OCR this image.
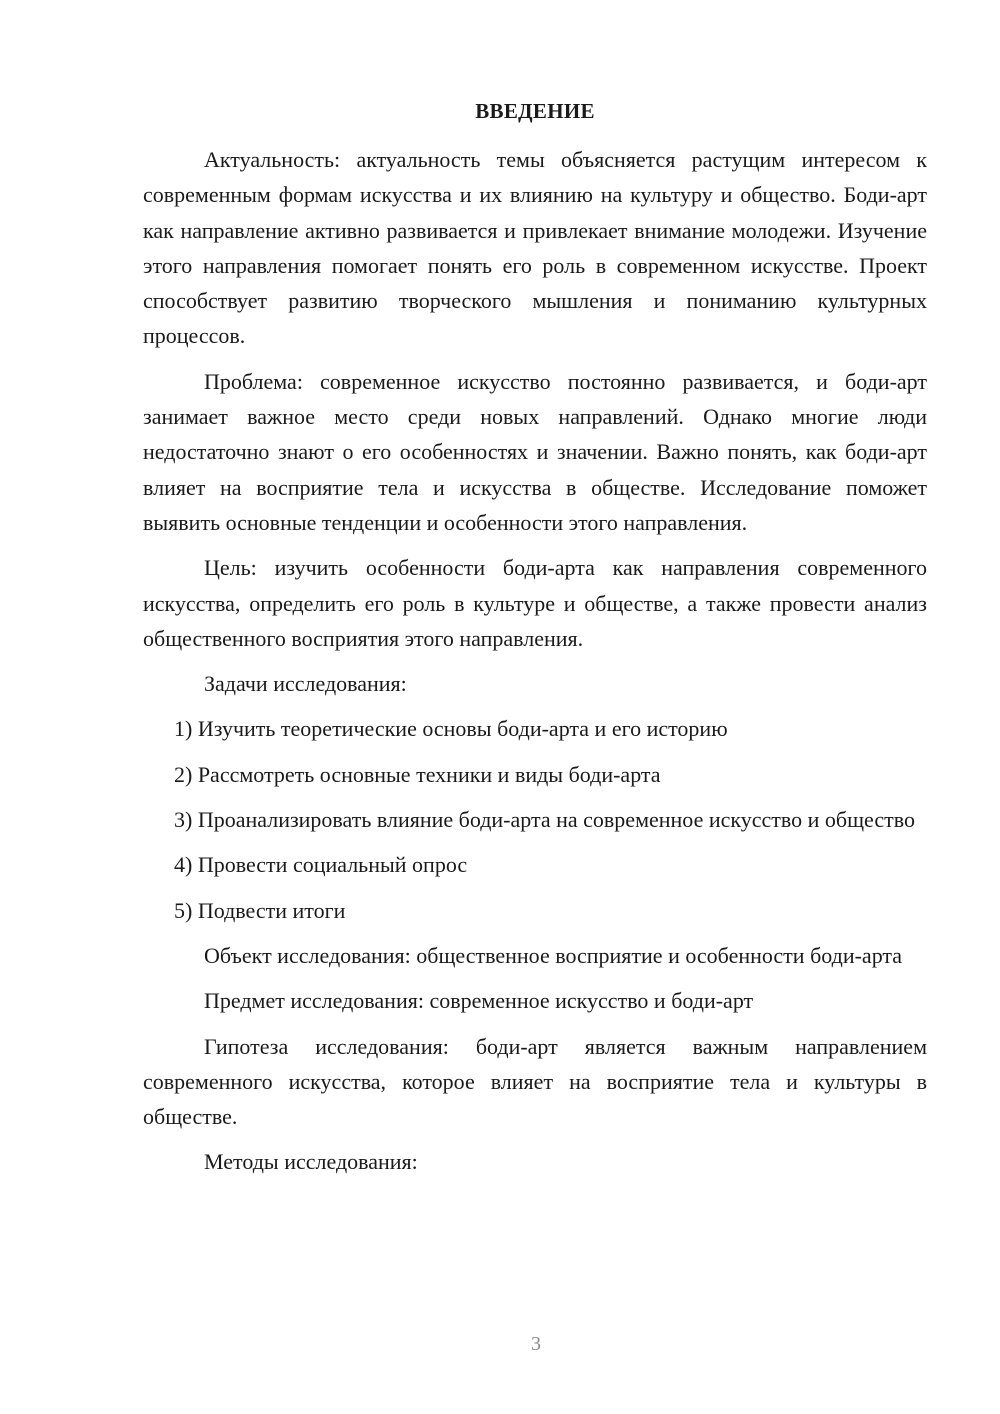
ВВЕДЕНИЕ

Актуальность: актуальность темы объясняется растущим интересом к современным формам искусства и их влиянию на культуру и общество. Боди-арт как направление активно развивается и привлекает внимание молодежи. Изучение этого направления помогает понять его роль в современном искусстве. Проект способствует развитию творческого мышления и пониманию культурных процессов.

Проблема: современное искусство постоянно развивается, и боди-арт занимает важное место среди новых направлений. Однако многие люди недостаточно знают о его особенностях и значении. Важно понять, как боди-арт влияет на восприятие тела и искусства в обществе. Исследование поможет выявить основные тенденции и особенности этого направления.

Цель: изучить особенности боди-арта как направления современного искусства, определить его роль в культуре и обществе, а также провести анализ общественного восприятия этого направления.

Задачи исследования:

1) Изучить теоретические основы боди-арта и его историю

2) Рассмотреть основные техники и виды боди-арта

3) Проанализировать влияние боди-арта на современное искусство и общество

4) Провести социальный опрос

5) Подвести итоги

Объект исследования: общественное восприятие и особенности боди-арта

Предмет исследования: современное искусство и боди-арт

Гипотеза исследования: боди-арт является важным направлением современного искусства, которое влияет на восприятие тела и культуры в обществе.

Методы исследования:

3
